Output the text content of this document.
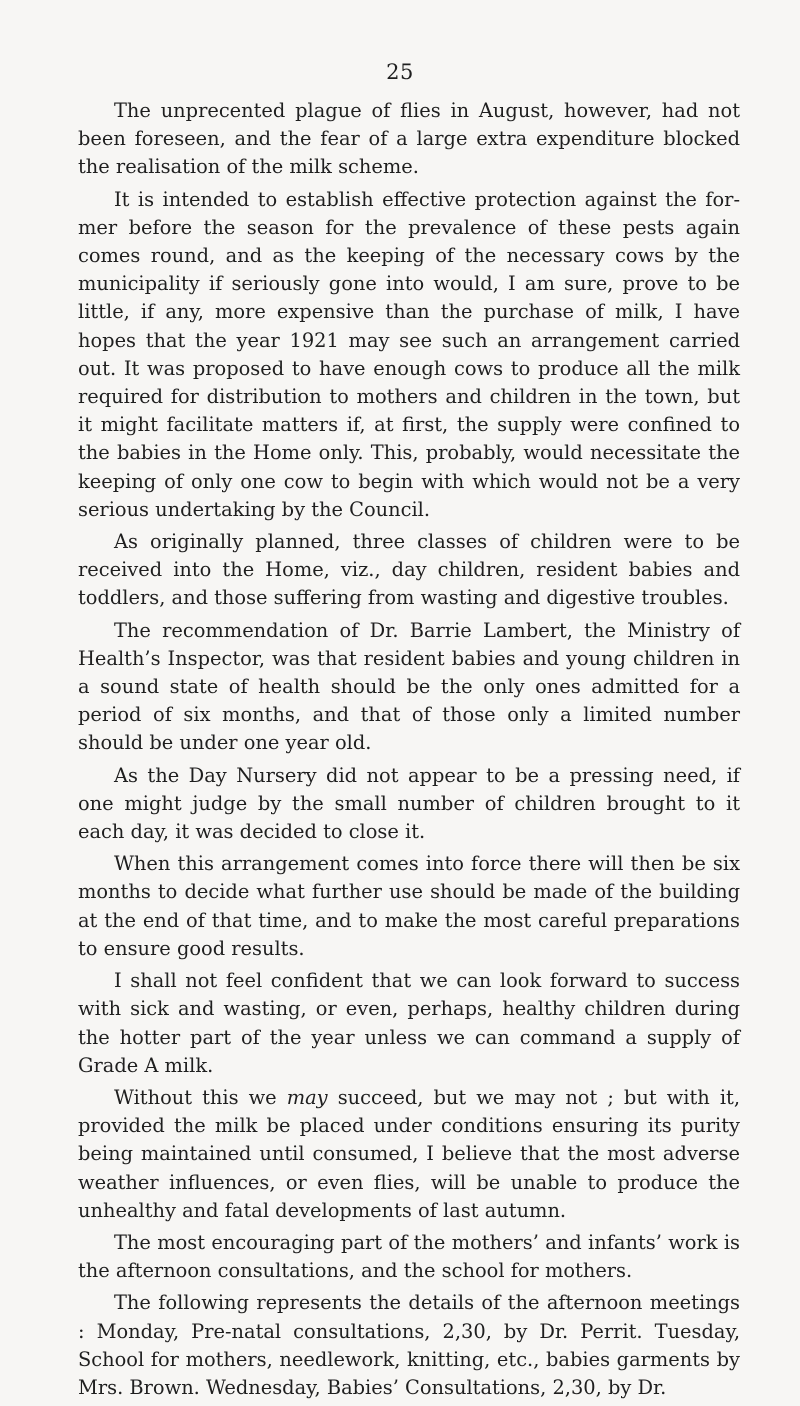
25

The unprecented plague of flies in August, however, had not been foreseen, and the fear of a large extra expenditure blocked the realisation of the milk scheme.

It is intended to establish effective protection against the former before the season for the prevalence of these pests again comes round, and as the keeping of the necessary cows by the municipality if seriously gone into would, I am sure, prove to be little, if any, more expensive than the purchase of milk, I have hopes that the year 1921 may see such an arrangement carried out. It was proposed to have enough cows to produce all the milk required for distribution to mothers and children in the town, but it might facilitate matters if, at first, the supply were confined to the babies in the Home only. This, probably, would necessitate the keeping of only one cow to begin with which would not be a very serious undertaking by the Council.

As originally planned, three classes of children were to be received into the Home, viz., day children, resident babies and toddlers, and those suffering from wasting and digestive troubles.

The recommendation of Dr. Barrie Lambert, the Ministry of Health’s Inspector, was that resident babies and young children in a sound state of health should be the only ones admitted for a period of six months, and that of those only a limited number should be under one year old.

As the Day Nursery did not appear to be a pressing need, if one might judge by the small number of children brought to it each day, it was decided to close it.

When this arrangement comes into force there will then be six months to decide what further use should be made of the building at the end of that time, and to make the most careful preparations to ensure good results.

I shall not feel confident that we can look forward to success with sick and wasting, or even, perhaps, healthy children during the hotter part of the year unless we can command a supply of Grade A milk.

Without this we may succeed, but we may not ; but with it, provided the milk be placed under conditions ensuring its purity being maintained until consumed, I believe that the most adverse weather influences, or even flies, will be unable to produce the unhealthy and fatal developments of last autumn.

The most encouraging part of the mothers’ and infants’ work is the afternoon consultations, and the school for mothers.

The following represents the details of the afternoon meetings : Monday, Pre-natal consultations, 2,30, by Dr. Perrit. Tuesday, School for mothers, needlework, knitting, etc., babies garments by Mrs. Brown. Wednesday, Babies’ Consultations, 2,30, by Dr.
